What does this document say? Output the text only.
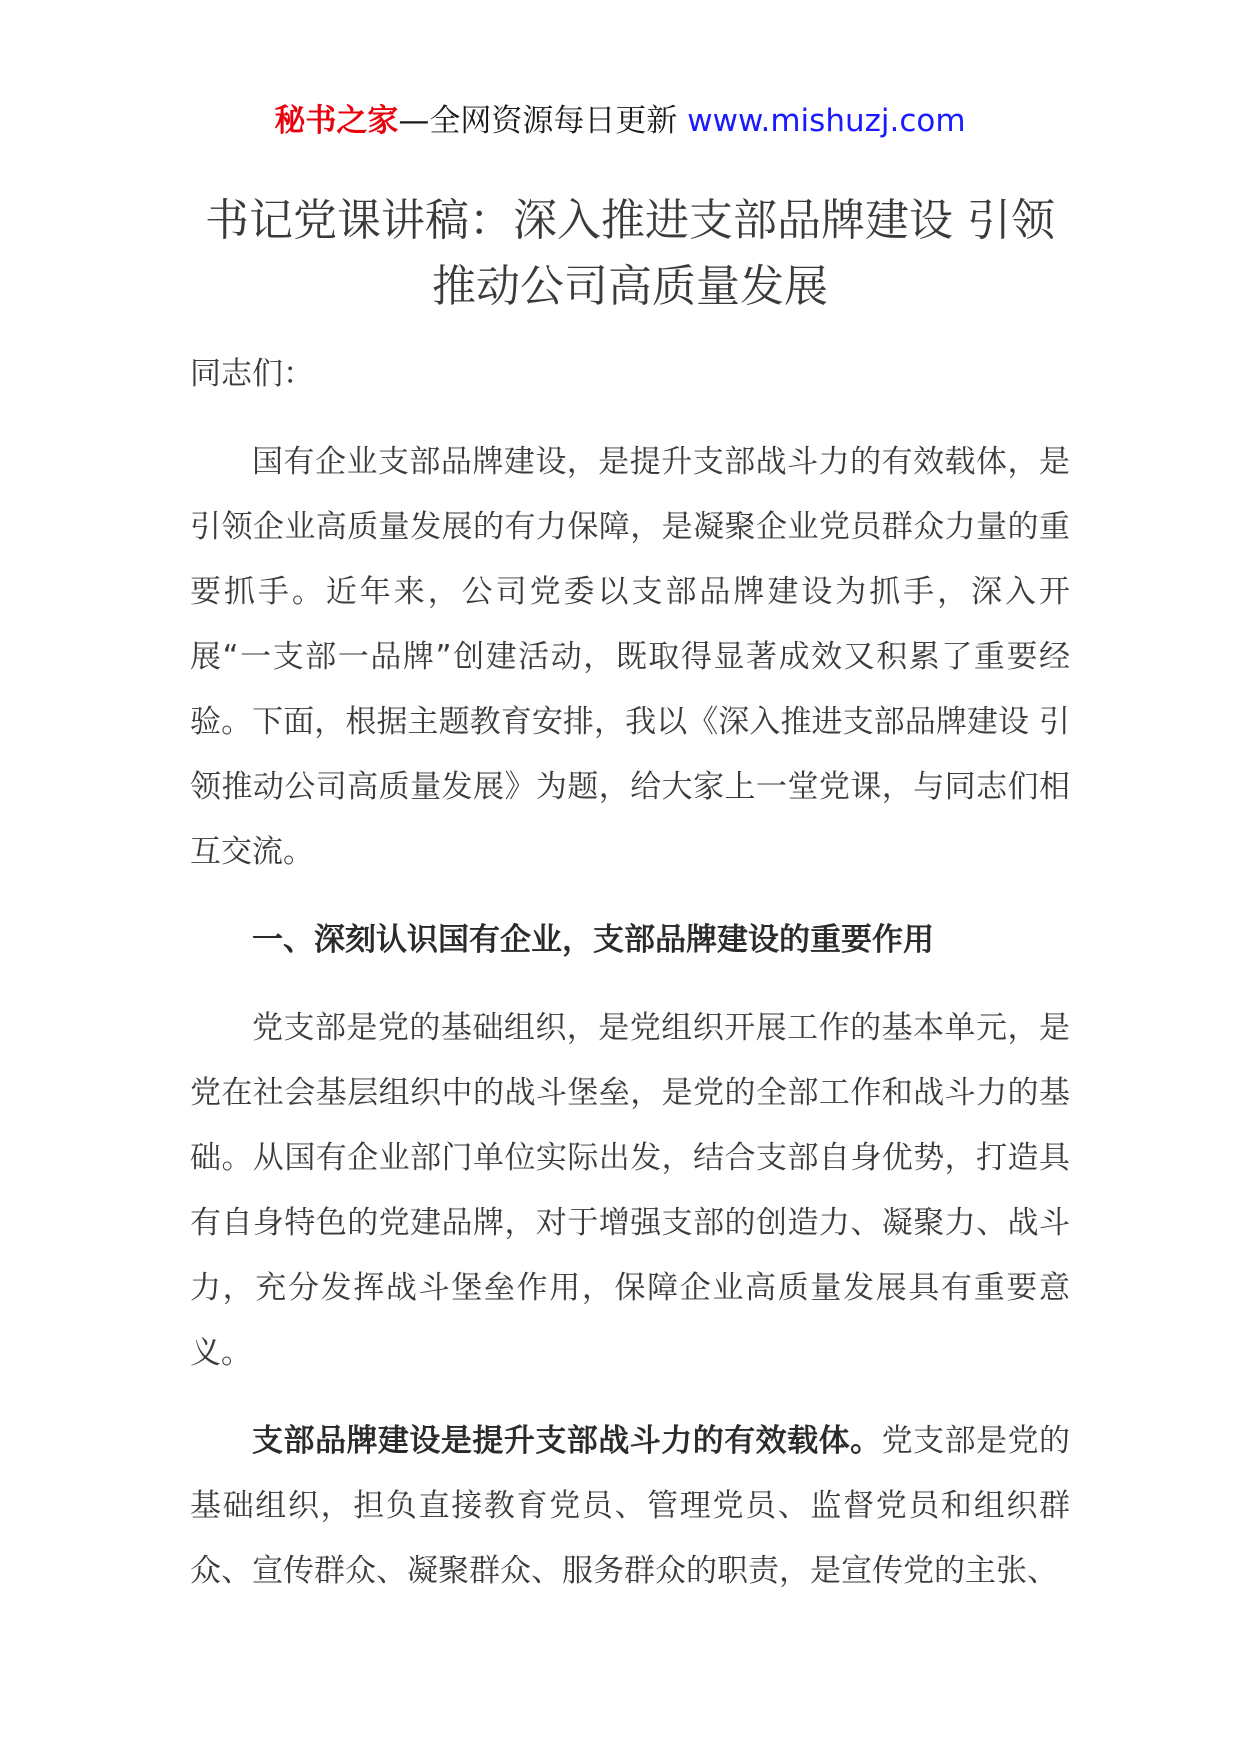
秘书之家—全网资源每日更新 www.mishuzj.com
书记党课讲稿：深入推进支部品牌建设 引领推动公司高质量发展

同志们：

国有企业支部品牌建设，是提升支部战斗力的有效载体，是引领企业高质量发展的有力保障，是凝聚企业党员群众力量的重要抓手。近年来，公司党委以支部品牌建设为抓手，深入开展“一支部一品牌”创建活动，既取得显著成效又积累了重要经验。下面，根据主题教育安排，我以《深入推进支部品牌建设 引领推动公司高质量发展》为题，给大家上一堂党课，与同志们相互交流。

一、深刻认识国有企业，支部品牌建设的重要作用

党支部是党的基础组织，是党组织开展工作的基本单元，是党在社会基层组织中的战斗堡垒，是党的全部工作和战斗力的基础。从国有企业部门单位实际出发，结合支部自身优势，打造具有自身特色的党建品牌，对于增强支部的创造力、凝聚力、战斗力，充分发挥战斗堡垒作用，保障企业高质量发展具有重要意义。

支部品牌建设是提升支部战斗力的有效载体。党支部是党的基础组织，担负直接教育党员、管理党员、监督党员和组织群众、宣传群众、凝聚群众、服务群众的职责，是宣传党的主张、
